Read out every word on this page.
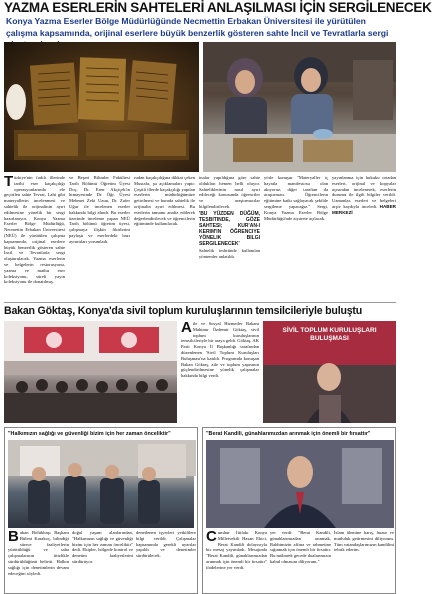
YAZMA ESERLERİN SAHTELERİ ANLAŞILMASI İÇİN SERGİLENECEK
Konya Yazma Eserler Bölge Müdürlüğünde Necmettin Erbakan Üniversitesi ile yürütülen çalışma kapsamında, orijinal eserlere büyük benzerlik gösteren sahte İncil ve Tevratlarla sergi
Türkiye'nin farklı illerinde tarihi eser kaçakçılığı operasyonlarında ele geçirilen sahte Tevrat, Lahi gibi materyallerin incelenmesi ve sahtelik ile orijinalinin ayırt edilmesine yönelik bir sergi hazırlanıyor. Konya Yazma Eserler Bölge Müdürlüğü, Necmettin Erbakan Üniversitesi (NEÜ) ile yürütülen çalışma kapsamında, orijinal eserlere büyük benzerlik gösteren sahte İncil ve Tevratlarla sergi oluşturulacak. Yazma eserlerin ve belgelerin restorasyonu, yazma ve matbu eser koleksiyonu, süreli yayın koleksiyonu ile donatılmış.
ve Beşeri Bilimler Fakültesi Tarih Bölümü Öğretim Üyesi Doç. Dr. Eren Akçiçek'in himayesinde Dr. Öğr. Üyesi Mehmet Zeki Uzun, Dr. Zafer Uğur ile incelenen eserler hakkında bilgi alındı. Bu eserler üzerinde inceleme yapan NEÜ Tarih bölümü öğretim üyesi, çalışmaya ilişkin fikirlerini paylaştı ve eserlerdeki bazı ayrıntıları yorumladı.
rudan kaçakçılığına dikkat çeken Mustafa, şu açıklamaları yaptı: Çeşitli illerde kaçakçılığı yapılan eserlerin müdürlüğümüze getirilmesi ve burada sahtelik ile orijinalin ayırt edilmesi. Bu eserlerin tamamı analiz edilerek değerlendirilecek ve öğrencilerin eğitiminde kullanılacak.
inalar yapıldığına göre sahte oldukları hemen belli oluyor. Sahteliklerinin nasıl ayırt edileceği konusunda öğrenciler ve araştırmacılar bilgilendirilecek.
'BU YÜZDEN DÜĞÜM, TESBITINDE, GÖZE SAHTESI; KUR'AN-I KERIM'IN ÖĞRENCIYE YÖNELIK BILGI SERGILENECEK'
Sahtelik tesbitinde kullanılan yöntemler anlatıldı.
yörle konuşur "Materyaller iç hayatla manifestosu olan akıyoruz, diğer taraftan da araştırmacı. Öğrencilerin eğitimine katkı sağlayacak şekilde sergileme yapacağız." Sergi, Konya Yazma Eserler Bölge Müdürlüğü'nde ziyarete açılacak.
yayınlanma için hukuku ortadan eserleri, orijinal ve kopyalar açısından incelenerek, eserlerin durumu ile ilgili bilgiler verildi. Uzmanlar, eserleri ve belgeleri arşiv kaydıyla inceledi. HABER MERKEZİ
Bakan Göktaş, Konya'da sivil toplum kuruluşlarının temsilcileriyle buluştu
Aile ve Sosyal Hizmetler Bakanı Mahinur Özdemir Göktaş, sivil toplum kuruluşlarının temsilcileriyle bir araya geldi. Göktaş, AK Parti Konya İl Başkanlığı tarafından düzenlenen 'Sivil Toplum Kuruluşları Buluşması'na katıldı. Programda konuşan Bakan Göktaş, aile ve toplum yapısının güçlendirilmesine yönelik çalışmalar hakkında bilgi verdi.
SİVİL TOPLUM KURULUŞLARI BULUŞMASI
"Halkımızın sağlığı ve güvenliği bizim için her zaman önceliktir"
Bakan Bölükbaşı Başkanı Bülent Karakoç, bilindiği sürece faaliyetlerin yürütüldüğü ve saha çalışmalarının titizlikle sürdürüldüğünü belirtti. Halkın sağlığı için denetimlerin devam edeceğini söyledi.
doğal yaşam alanlarından, "Halkımızın sağlığı ve güvenliği bizim için her zaman önceliktir" dedi. Ekipler, bölgede kontrol ve denetim faaliyetlerini sürdürüyor.
denetlenen işyerleri yetkililere bilgi verildi. Çalışmalar kapsamında gerekli uyarılar yapıldı ve denetimler sürdürülecek.
"Berat Kandili, günahlarımızdan arınmak için önemli bir fırsattır"
Cumhur İttifakı Konya Milletvekili Hasan Ekici, Berat Kandili dolayısıyla bir mesaj yayımladı. Mesajında "Berat Kandili, günahlarımızdan arınmak için önemli bir fırsattır" ifadelerine yer verdi.
yer verdi: "Berat Kandili, günahlarımızdan arınmak, Rabbimizin affına ve rahmetine sığınmak için önemli bir fırsattır. Bu mübarek gecede dualarımızın kabul olmasını diliyorum."
İslam âlemine barış, huzur ve mutluluk getirmesini diliyorum. Tüm vatandaşlarımızın kandilini tebrik ederim.
